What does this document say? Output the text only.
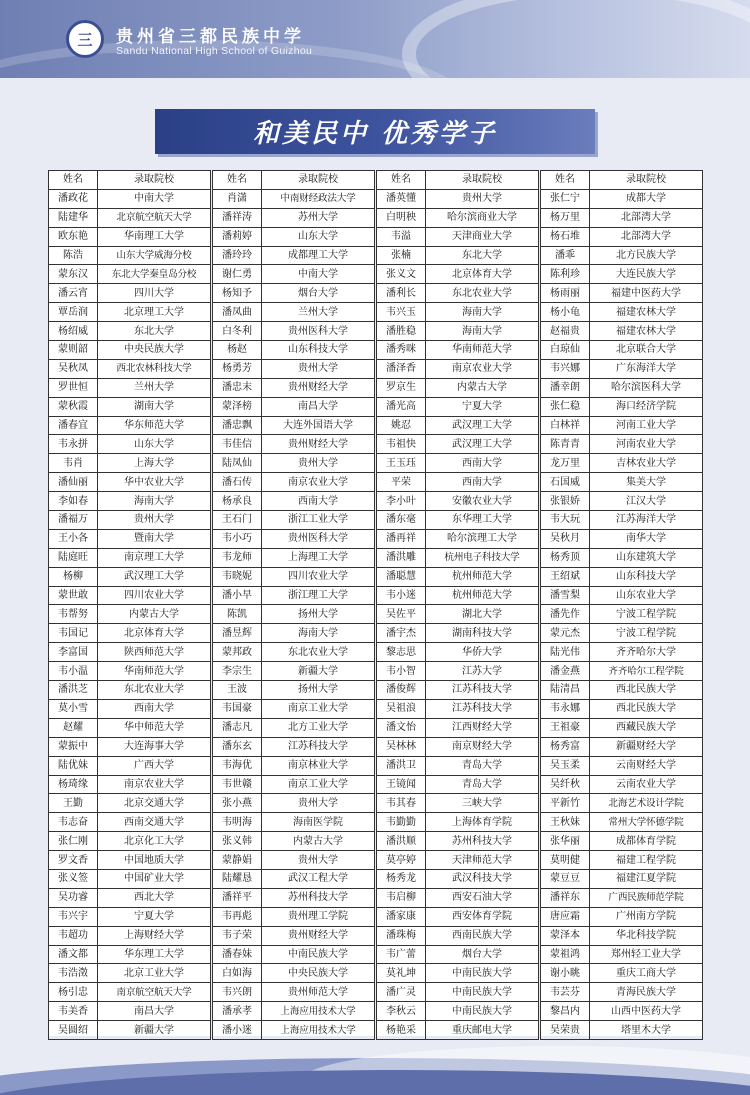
三 贵州省三都民族中学
Sandu National High School of Guizhou
和美民中 优秀学子
姓名	录取院校
潘政花	中南大学
陆建华	北京航空航天大学
欧东艳	华南理工大学
陈浩	山东大学威海分校
蒙东汉	东北大学秦皇岛分校
潘云宵	四川大学
覃岳润	北京理工大学
杨绍威	东北大学
蒙则韶	中央民族大学
吴秋凤	西北农林科技大学
罗世恒	兰州大学
蒙秋霞	湖南大学
潘春宜	华东师范大学
韦永拼	山东大学
韦肖	上海大学
潘仙丽	华中农业大学
李如春	海南大学
潘福万	贵州大学
王小各	暨南大学
陆庭旺	南京理工大学
杨柳	武汉理工大学
蒙世敢	四川农业大学
韦帮努	内蒙古大学
韦国记	北京体育大学
李富国	陕西师范大学
韦小温	华南师范大学
潘洪芝	东北农业大学
莫小雪	西南大学
赵耀	华中师范大学
蒙振中	大连海事大学
陆优妹	广西大学
杨琦缘	南京农业大学
王勤	北京交通大学
韦志奋	西南交通大学
张仁刚	北京化工大学
罗文香	中国地质大学
张义签	中国矿业大学
吴功睿	西北大学
韦兴宇	宁夏大学
韦超功	上海财经大学
潘文都	华东理工大学
韦浩澂	北京工业大学
杨引忠	南京航空航天大学
韦美香	南昌大学
吴圆绍	新疆大学
姓名	录取院校
肖潇	中南财经政法大学
潘祥涛	苏州大学
潘莉婷	山东大学
潘玲玲	成都理工大学
谢仁勇	中南大学
杨知予	烟台大学
潘凤曲	兰州大学
白冬利	贵州医科大学
杨赵	山东科技大学
杨勇芳	贵州大学
潘忠末	贵州财经大学
蒙泽榜	南昌大学
潘忠飘	大连外国语大学
韦佳信	贵州财经大学
陆凤仙	贵州大学
潘石传	南京农业大学
杨承良	西南大学
王石门	浙江工业大学
韦小巧	贵州医科大学
韦龙师	上海理工大学
韦晓妮	四川农业大学
潘小早	浙江理工大学
陈凯	扬州大学
潘昱辉	海南大学
蒙邦政	东北农业大学
李宗生	新疆大学
王波	扬州大学
韦国豪	南京工业大学
潘志凡	北方工业大学
潘东玄	江苏科技大学
韦海优	南京林业大学
韦世赣	南京工业大学
张小燕	贵州大学
韦明海	海南医学院
张义韩	内蒙古大学
蒙静娟	贵州大学
陆耀恳	武汉工程大学
潘祥平	苏州科技大学
韦再彪	贵州理工学院
韦子荣	贵州财经大学
潘春妹	中南民族大学
白如海	中央民族大学
韦兴朗	贵州师范大学
潘承孝	上海应用技术大学
潘小迷	上海应用技术大学
姓名	录取院校
潘英懂	贵州大学
白明秧	哈尔滨商业大学
韦溢	天津商业大学
张楠	东北大学
张义文	北京体育大学
潘利长	东北农业大学
韦兴玉	海南大学
潘胜稳	海南大学
潘秀咪	华南师范大学
潘泽香	南京农业大学
罗京生	内蒙古大学
潘光高	宁夏大学
姚忍	武汉理工大学
韦祖快	武汉理工大学
王玉珏	西南大学
平荣	西南大学
李小叶	安徽农业大学
潘东毫	东华理工大学
潘再祥	哈尔滨理工大学
潘洪雕	杭州电子科技大学
潘聪慧	杭州师范大学
韦小迷	杭州师范大学
吴佐平	湖北大学
潘宇杰	湖南科技大学
黎志思	华侨大学
韦小智	江苏大学
潘俊辉	江苏科技大学
吴祖浪	江苏科技大学
潘文怡	江西财经大学
吴林林	南京财经大学
潘洪卫	青岛大学
王镜闻	青岛大学
韦其春	三峡大学
韦勤勤	上海体育学院
潘洪顺	苏州科技大学
莫亭婷	天津师范大学
杨秀龙	武汉科技大学
韦启柳	西安石油大学
潘家康	西安体育学院
潘珠梅	西南民族大学
韦广蕾	烟台大学
莫礼坤	中南民族大学
潘广灵	中南民族大学
李秋云	中南民族大学
杨艳采	重庆邮电大学
姓名	录取院校
张仁宁	成都大学
杨万里	北部湾大学
杨石堆	北部湾大学
潘乖	北方民族大学
陈利珍	大连民族大学
杨雨丽	福建中医药大学
杨小龟	福建农林大学
赵福贵	福建农林大学
白琼仙	北京联合大学
韦兴娜	广东海洋大学
潘幸朗	哈尔滨医科大学
张仁稳	海口经济学院
白林祥	河南工业大学
陈青青	河南农业大学
龙万里	吉林农业大学
石国威	集美大学
张银娇	江汉大学
韦大玩	江苏海洋大学
吴秋月	南华大学
杨秀顶	山东建筑大学
王绍斌	山东科技大学
潘雪梨	山东农业大学
潘先作	宁波工程学院
蒙元杰	宁波工程学院
陆光伟	齐齐哈尔大学
潘金燕	齐齐哈尔工程学院
陆清昌	西北民族大学
韦永娜	西北民族大学
王祖豪	西藏民族大学
杨秀富	新疆财经大学
吴玉柔	云南财经大学
吴纤秋	云南农业大学
平新竹	北海艺术设计学院
王秋妹	常州大学怀德学院
张华丽	成都体育学院
莫明健	福建工程学院
蒙豆豆	福建江夏学院
潘祥东	广西民族师范学院
唐应霜	广州南方学院
蒙泽本	华北科技学院
蒙祖鸿	郑州轻工业大学
谢小眺	重庆工商大学
韦芸芬	青海民族大学
黎昌内	山西中医药大学
吴荣贵	塔里木大学
